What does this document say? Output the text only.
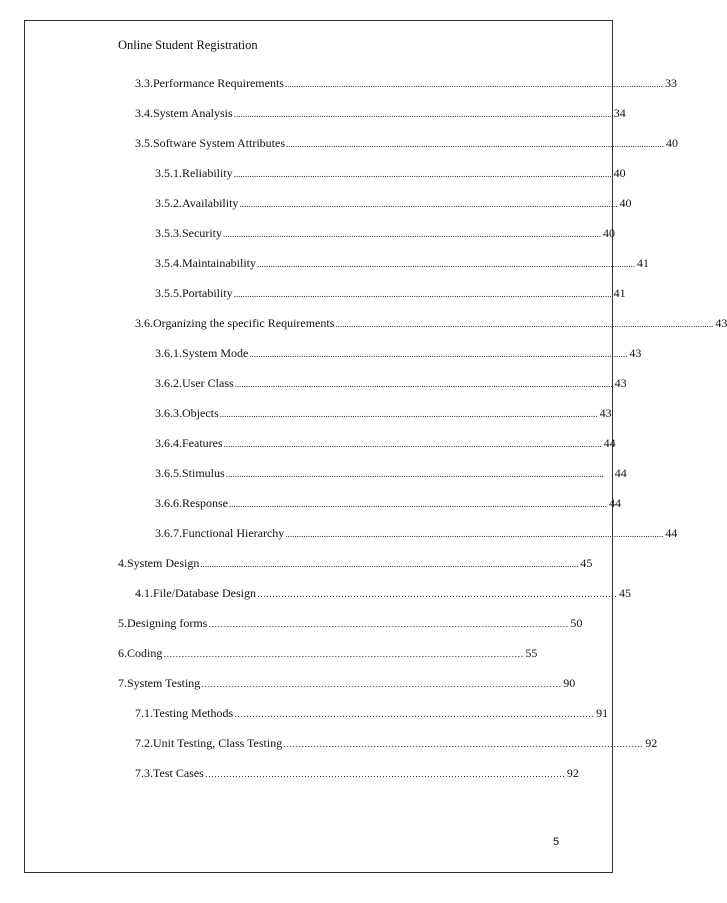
Online Student Registration
3.3. Performance Requirements ........................................................................................................................................................................ 33
3.4. System Analysis ........................................................................................................................................................................ 34
3.5. Software System Attributes ........................................................................................................................................................................ 40
3.5.1. Reliability ........................................................................................................................................................................ 40
3.5.2. Availability ........................................................................................................................................................................ 40
3.5.3. Security ........................................................................................................................................................................ 40
3.5.4. Maintainability ........................................................................................................................................................................ 41
3.5.5. Portability ........................................................................................................................................................................ 41
3.6. Organizing the specific Requirements ........................................................................................................................................................................ 43
3.6.1. System Mode ........................................................................................................................................................................ 43
3.6.2. User Class ........................................................................................................................................................................ 43
3.6.3. Objects ........................................................................................................................................................................ 43
3.6.4. Features ........................................................................................................................................................................ 44
3.6.5. Stimulus ........................................................................................................................................................................ 44
3.6.6. Response ........................................................................................................................................................................ 44
3.6.7. Functional Hierarchy ........................................................................................................................................................................ 44
4. System Design ........................................................................................................................................................................ 45
4.1. File/Database Design ………………………………………………………………………………………………………… 45
5. Designing forms ………………………………………………………………………………………………………… 50
6. Coding ………………………………………………………………………………………………………… 55
7. System Testing ………………………………………………………………………………………………………… 90
7.1. Testing Methods ………………………………………………………………………………………………………… 91
7.2. Unit Testing, Class Testing ………………………………………………………………………………………………………… 92
7.3. Test Cases ………………………………………………………………………………………………………… 92
5
